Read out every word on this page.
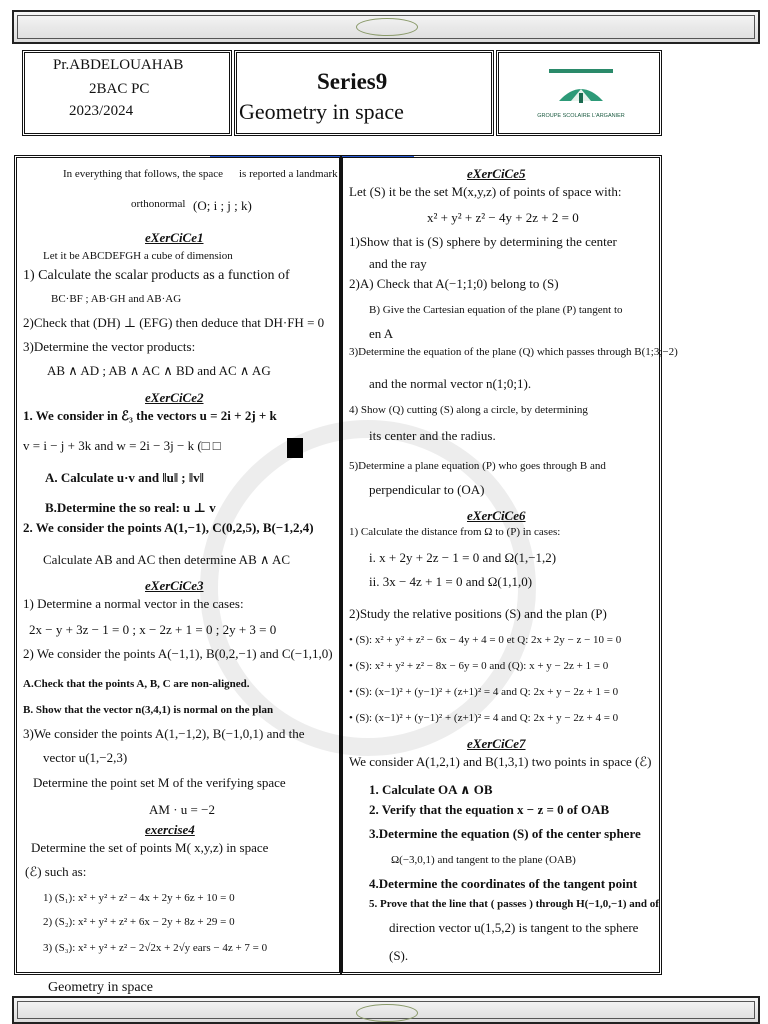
Pr.ABDELOUAHAB
2BAC PC
2023/2024
Series9
Geometry in space	GROUPE SCOLAIRE L'ARGANIER
In everything that follows, the space is reported a landmark
orthonormal (O; i ; j ; k)
eXerCiCe1
Let it be ABCDEFGH a cube of dimension
1) Calculate the scalar products as a function of
BC·BF ; AB·GH and AB·AG
2)Check that (DH) ⊥ (EFG) then deduce that DH·FH = 0
3)Determine the vector products:
AB ∧ AD ; AB ∧ AC ∧ BD and AC ∧ AG
eXerCiCe2
1. We consider in ℰ₃ the vectors u = 2i + 2j + k
v = i − j + 3k and w = 2i − 3j − k (□ □
A. Calculate u·v and ‖u‖ ; ‖v‖
B.Determine the so real: u ⊥ v
2. We consider the points A(1,−1), C(0,2,5), B(−1,2,4)
Calculate AB and AC then determine AB ∧ AC
eXerCiCe3
1) Determine a normal vector in the cases:
2x − y + 3z − 1 = 0 ; x − 2z + 1 = 0 ; 2y + 3 = 0
2) We consider the points A(−1,1), B(0,2,−1) and C(−1,1,0)
A.Check that the points A, B, C are non-aligned.
B. Show that the vector n(3,4,1) is normal on the plan
3)We consider the points A(1,−1,2), B(−1,0,1) and the
vector u(1,−2,3)
Determine the point set M of the verifying space
AM · u = −2
exercise4
Determine the set of points M( x,y,z) in space
(ℰ) such as:
1) (S₁): x² + y² + z² − 4x + 2y + 6z + 10 = 0
2) (S₂): x² + y² + z² + 6x − 2y + 8z + 29 = 0
3) (S₃): x² + y² + z² − 2√2x + 2√y ears − 4z + 7 = 0
eXerCiCe5
Let (S) it be the set M(x,y,z) of points of space with:
x² + y² + z² − 4y + 2z + 2 = 0
1)Show that is (S) sphere by determining the center
and the ray
2)A) Check that A(−1;1;0) belong to (S)
B) Give the Cartesian equation of the plane (P) tangent to
en A
3)Determine the equation of the plane (Q) which passes through B(1;3;−2)
and the normal vector n(1;0;1).
4) Show (Q) cutting (S) along a circle, by determining
its center and the radius.
5)Determine a plane equation (P) who goes through B and
perpendicular to (OA)
eXerCiCe6
1) Calculate the distance from Ω to (P) in cases:
i. x + 2y + 2z − 1 = 0 and Ω(1,−1,2)
ii. 3x − 4z + 1 = 0 and Ω(1,1,0)
2)Study the relative positions (S) and the plan (P)
• (S): x² + y² + z² − 6x − 4y + 4 = 0 et Q: 2x + 2y − z − 10 = 0
• (S): x² + y² + z² − 8x − 6y = 0 and (Q): x + y − 2z + 1 = 0
• (S): (x−1)² + (y−1)² + (z+1)² = 4 and Q: 2x + y − 2z + 1 = 0
• (S): (x−1)² + (y−1)² + (z+1)² = 4 and Q: 2x + y − 2z + 4 = 0
eXerCiCe7
We consider A(1,2,1) and B(1,3,1) two points in space (ℰ)
1. Calculate OA ∧ OB
2. Verify that the equation x − z = 0 of OAB
3.Determine the equation (S) of the center sphere
Ω(−3,0,1) and tangent to the plane (OAB)
4.Determine the coordinates of the tangent point
5. Prove that the line that ( passes ) through H(−1,0,−1) and of
direction vector u(1,5,2) is tangent to the sphere
(S).
Geometry in space
